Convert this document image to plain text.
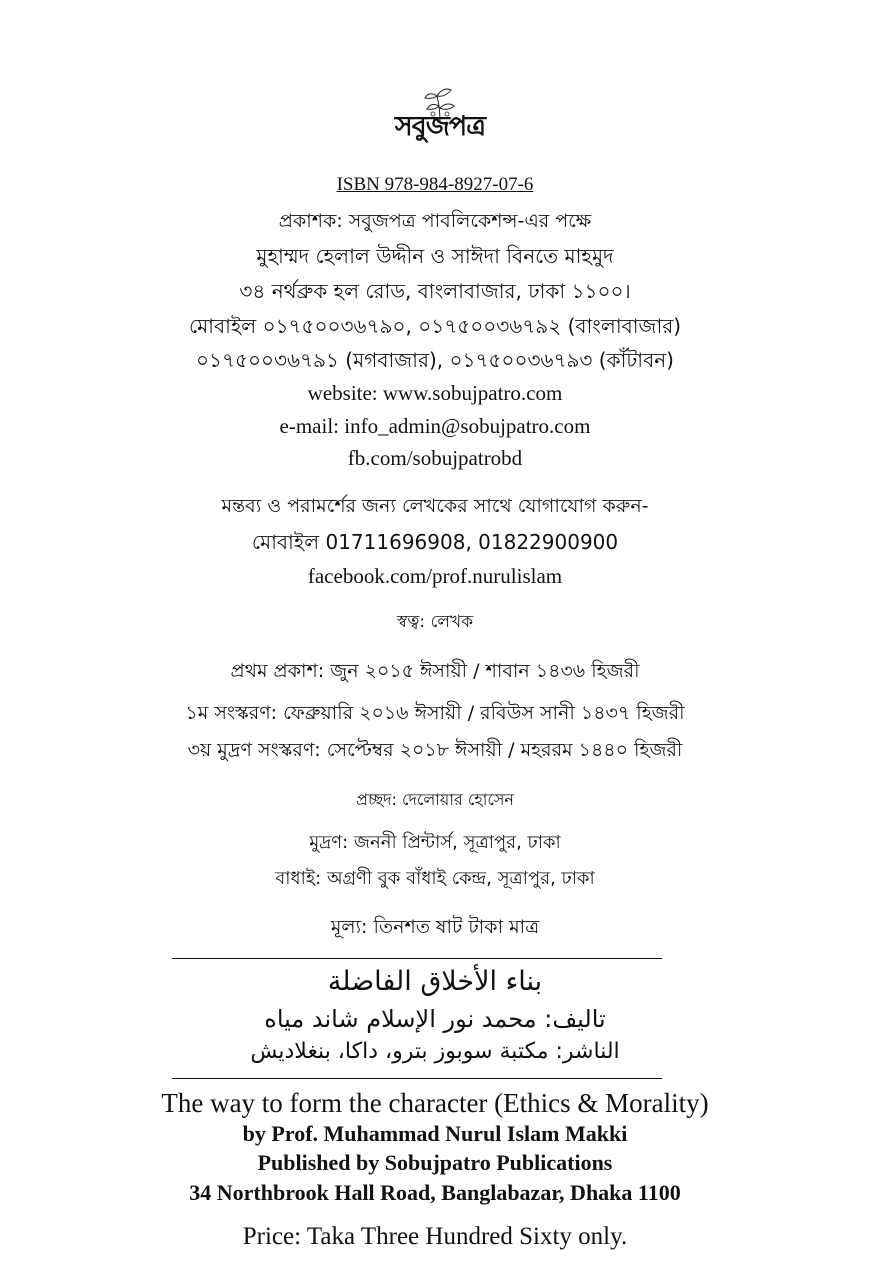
সবুজপত্র
ISBN 978-984-8927-07-6
প্রকাশক: সবুজপত্র পাবলিকেশন্স-এর পক্ষে
মুহাম্মদ হেলাল উদ্দীন ও সাঈদা বিনতে মাহমুদ
৩৪ নর্থব্রুক হল রোড, বাংলাবাজার, ঢাকা ১১০০।
মোবাইল ০১৭৫০০৩৬৭৯০, ০১৭৫০০৩৬৭৯২ (বাংলাবাজার)
০১৭৫০০৩৬৭৯১ (মগবাজার), ০১৭৫০০৩৬৭৯৩ (কাঁটাবন)
website: www.sobujpatro.com
e-mail: info_admin@sobujpatro.com
fb.com/sobujpatrobd
মন্তব্য ও পরামর্শের জন্য লেখকের সাথে যোগাযোগ করুন-
মোবাইল 01711696908, 01822900900
facebook.com/prof.nurulislam
স্বত্ব: লেখক
প্রথম প্রকাশ: জুন ২০১৫ ঈসায়ী / শাবান ১৪৩৬ হিজরী
১ম সংস্করণ: ফেব্রুয়ারি ২০১৬ ঈসায়ী / রবিউস সানী ১৪৩৭ হিজরী
৩য় মুদ্রণ সংস্করণ: সেপ্টেম্বর ২০১৮ ঈসায়ী / মহররম ১৪৪০ হিজরী
প্রচ্ছদ: দেলোয়ার হোসেন
মুদ্রণ: জননী প্রিন্টার্স, সূত্রাপুর, ঢাকা
বাধাই: অগ্রণী বুক বাঁধাই কেন্দ্র, সূত্রাপুর, ঢাকা
মূল্য: তিনশত ষাট টাকা মাত্র
بناء الأخلاق الفاضلة
تاليف: محمد نور الإسلام شاند مياه
الناشر: مكتبة سوبوز بترو، داكا، بنغلاديش
The way to form the character (Ethics & Morality)
by Prof. Muhammad Nurul Islam Makki
Published by Sobujpatro Publications
34 Northbrook Hall Road, Banglabazar, Dhaka 1100
Price: Taka Three Hundred Sixty only.
